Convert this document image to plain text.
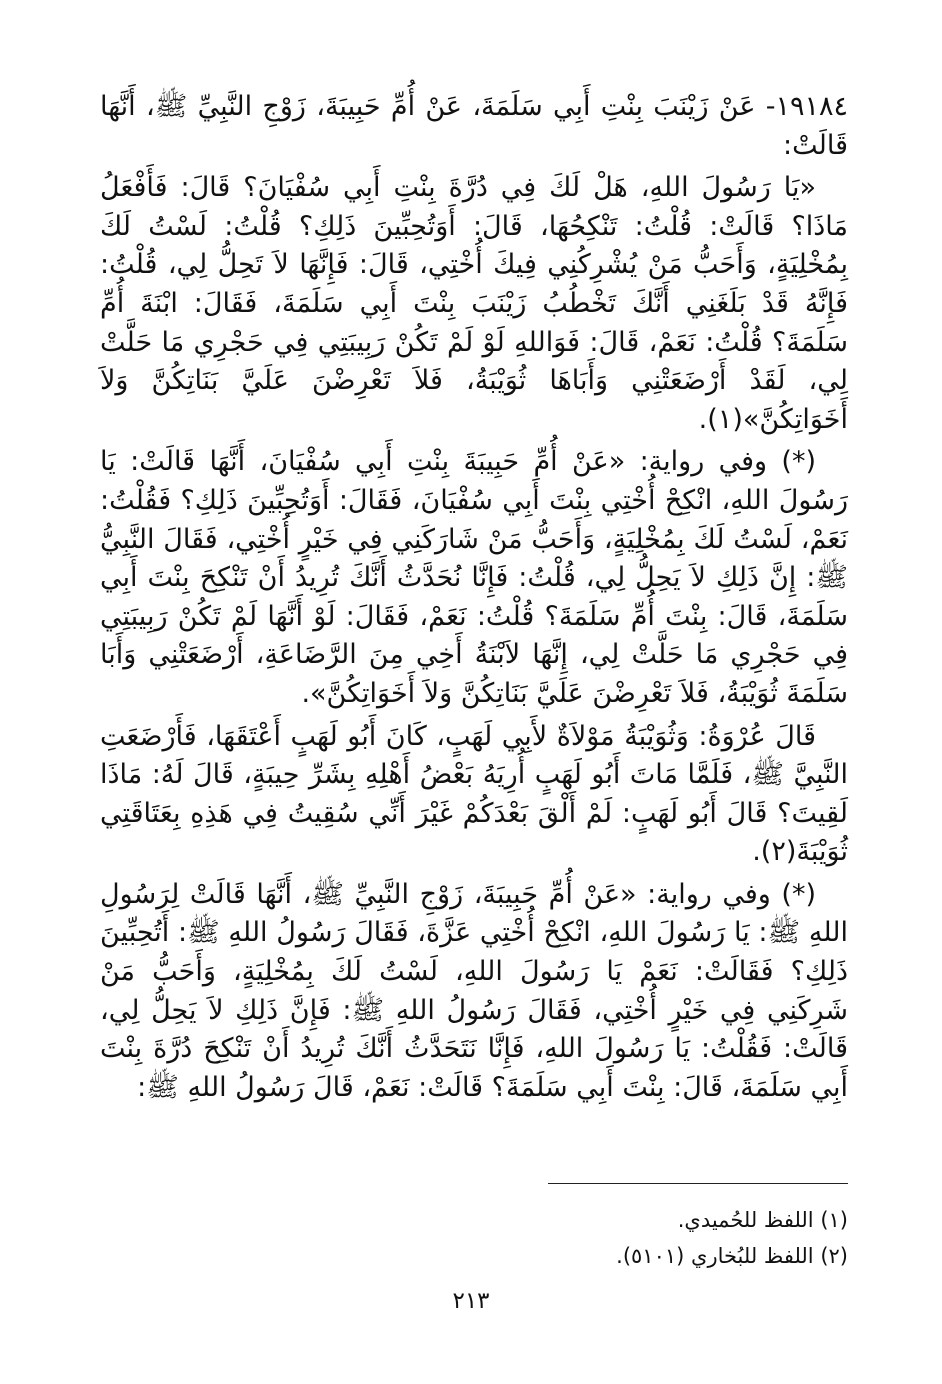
١٩١٨٤- عَنْ زَيْنَبَ بِنْتِ أَبِي سَلَمَةَ، عَنْ أُمِّ حَبِيبَةَ، زَوْجِ النَّبِيِّ ﷺ، أَنَّهَا قَالَتْ:

«يَا رَسُولَ اللهِ، هَلْ لَكَ فِي دُرَّةَ بِنْتِ أَبِي سُفْيَانَ؟ قَالَ: فَأَفْعَلُ مَاذَا؟ قَالَتْ: قُلْتُ: تَنْكِحُهَا، قَالَ: أَوَتُحِبِّينَ ذَلِكِ؟ قُلْتُ: لَسْتُ لَكَ بِمُخْلِيَةٍ، وَأَحَبُّ مَنْ يُشْرِكُنِي فِيكَ أُخْتِي، قَالَ: فَإِنَّهَا لاَ تَحِلُّ لِي، قُلْتُ: فَإِنَّهُ قَدْ بَلَغَنِي أَنَّكَ تَخْطُبُ زَيْنَبَ بِنْتَ أَبِي سَلَمَةَ، فَقَالَ: ابْنَةَ أُمِّ سَلَمَةَ؟ قُلْتُ: نَعَمْ، قَالَ: فَوَاللهِ لَوْ لَمْ تَكُنْ رَبِيبَتِي فِي حَجْرِي مَا حَلَّتْ لِي، لَقَدْ أَرْضَعَتْنِي وَأَبَاهَا ثُوَيْبَةُ، فَلاَ تَعْرِضْنَ عَلَيَّ بَنَاتِكُنَّ وَلاَ أَخَوَاتِكُنَّ»(١).

(*) وفي رواية: «عَنْ أُمِّ حَبِيبَةَ بِنْتِ أَبِي سُفْيَانَ، أَنَّهَا قَالَتْ: يَا رَسُولَ اللهِ، انْكِحْ أُخْتِي بِنْتَ أَبِي سُفْيَانَ، فَقَالَ: أَوَتُحِبِّينَ ذَلِكِ؟ فَقُلْتُ: نَعَمْ، لَسْتُ لَكَ بِمُخْلِيَةٍ، وَأَحَبُّ مَنْ شَارَكَنِي فِي خَيْرٍ أُخْتِي، فَقَالَ النَّبِيُّ ﷺ: إِنَّ ذَلِكِ لاَ يَحِلُّ لِي، قُلْتُ: فَإِنَّا نُحَدَّثُ أَنَّكَ تُرِيدُ أَنْ تَنْكِحَ بِنْتَ أَبِي سَلَمَةَ، قَالَ: بِنْتَ أُمِّ سَلَمَةَ؟ قُلْتُ: نَعَمْ، فَقَالَ: لَوْ أَنَّهَا لَمْ تَكُنْ رَبِيبَتِي فِي حَجْرِي مَا حَلَّتْ لِي، إِنَّهَا لاَبْنَةُ أَخِي مِنَ الرَّضَاعَةِ، أَرْضَعَتْنِي وَأَبَا سَلَمَةَ ثُوَيْبَةُ، فَلاَ تَعْرِضْنَ عَلَيَّ بَنَاتِكُنَّ وَلاَ أَخَوَاتِكُنَّ».

قَالَ عُرْوَةُ: وَثُوَيْبَةُ مَوْلاَةٌ لأَبِي لَهَبٍ، كَانَ أَبُو لَهَبٍ أَعْتَقَهَا، فَأَرْضَعَتِ النَّبِيَّ ﷺ، فَلَمَّا مَاتَ أَبُو لَهَبٍ أُرِيَهُ بَعْضُ أَهْلِهِ بِشَرِّ حِيبَةٍ، قَالَ لَهُ: مَاذَا لَقِيتَ؟ قَالَ أَبُو لَهَبٍ: لَمْ أَلْقَ بَعْدَكُمْ غَيْرَ أَنِّي سُقِيتُ فِي هَذِهِ بِعَتَاقَتِي ثُوَيْبَةَ(٢).

(*) وفي رواية: «عَنْ أُمِّ حَبِيبَةَ، زَوْجِ النَّبِيِّ ﷺ، أَنَّهَا قَالَتْ لِرَسُولِ اللهِ ﷺ: يَا رَسُولَ اللهِ، انْكِحْ أُخْتِي عَزَّةَ، فَقَالَ رَسُولُ اللهِ ﷺ: أَتُحِبِّينَ ذَلِكِ؟ فَقَالَتْ: نَعَمْ يَا رَسُولَ اللهِ، لَسْتُ لَكَ بِمُخْلِيَةٍ، وَأَحَبُّ مَنْ شَرِكَنِي فِي خَيْرٍ أُخْتِي، فَقَالَ رَسُولُ اللهِ ﷺ: فَإِنَّ ذَلِكِ لاَ يَحِلُّ لِي، قَالَتْ: فَقُلْتُ: يَا رَسُولَ اللهِ، فَإِنَّا نَتَحَدَّثُ أَنَّكَ تُرِيدُ أَنْ تَنْكِحَ دُرَّةَ بِنْتَ أَبِي سَلَمَةَ، قَالَ: بِنْتَ أَبِي سَلَمَةَ؟ قَالَتْ: نَعَمْ، قَالَ رَسُولُ اللهِ ﷺ:

(١) اللفظ للحُميدي.
(٢) اللفظ للبُخاري (٥١٠١).
٢١٣
